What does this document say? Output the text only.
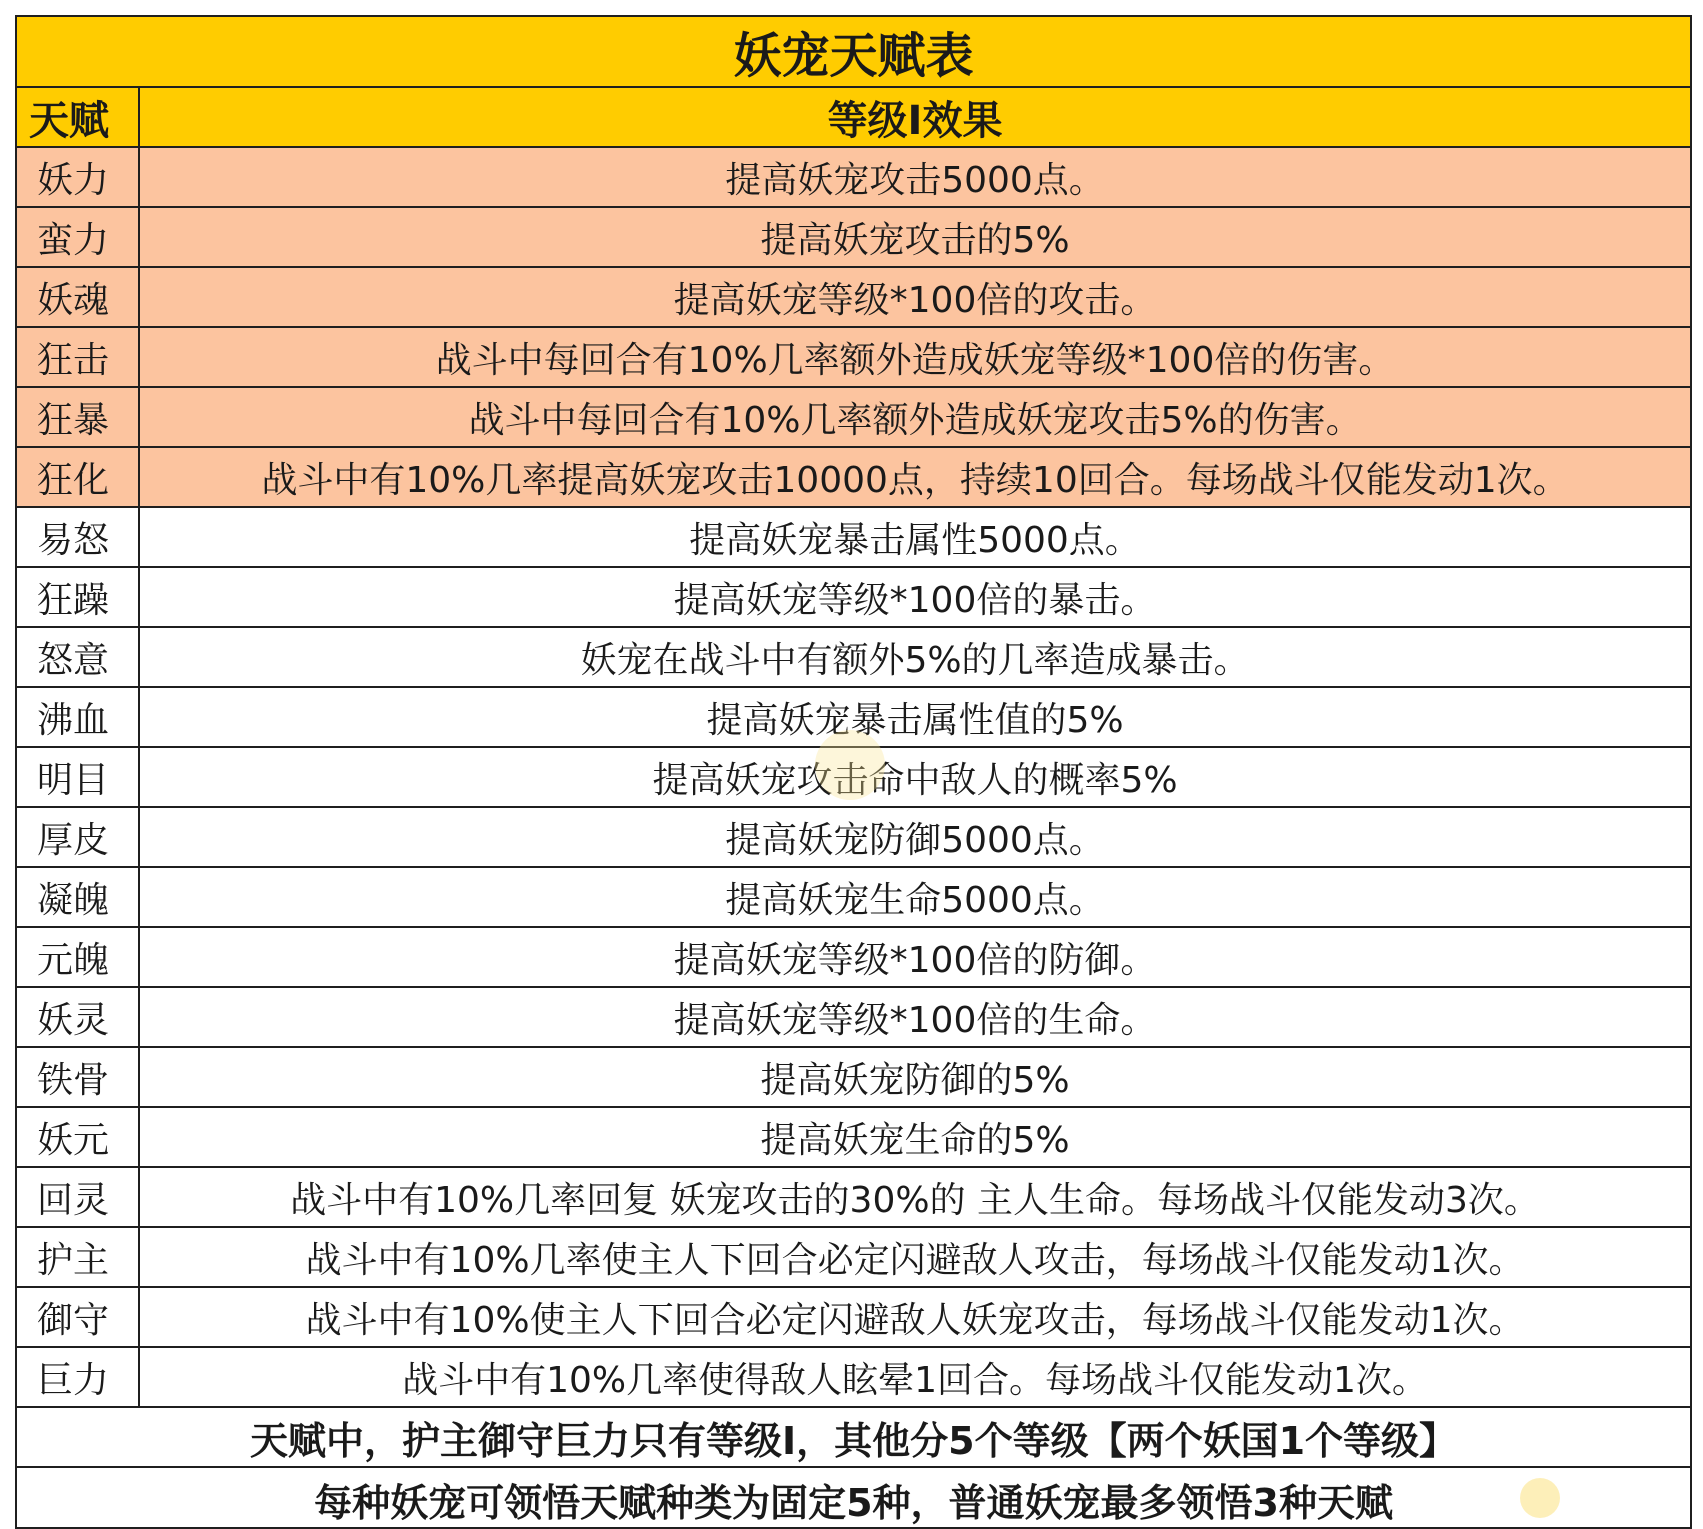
妖宠天赋表	
天赋	等级I效果
妖力	提高妖宠攻击5000点。
蛮力	提高妖宠攻击的5%
妖魂	提高妖宠等级*100倍的攻击。
狂击	战斗中每回合有10%几率额外造成妖宠等级*100倍的伤害。
狂暴	战斗中每回合有10%几率额外造成妖宠攻击5%的伤害。
狂化	战斗中有10%几率提高妖宠攻击10000点，持续10回合。每场战斗仅能发动1次。
易怒	提高妖宠暴击属性5000点。
狂躁	提高妖宠等级*100倍的暴击。
怒意	妖宠在战斗中有额外5%的几率造成暴击。
沸血	提高妖宠暴击属性值的5%
明目	提高妖宠攻击命中敌人的概率5%
厚皮	提高妖宠防御5000点。
凝魄	提高妖宠生命5000点。
元魄	提高妖宠等级*100倍的防御。
妖灵	提高妖宠等级*100倍的生命。
铁骨	提高妖宠防御的5%
妖元	提高妖宠生命的5%
回灵	战斗中有10%几率回复 妖宠攻击的30%的 主人生命。每场战斗仅能发动3次。
护主	战斗中有10%几率使主人下回合必定闪避敌人攻击，每场战斗仅能发动1次。
御守	战斗中有10%使主人下回合必定闪避敌人妖宠攻击，每场战斗仅能发动1次。
巨力	战斗中有10%几率使得敌人眩晕1回合。每场战斗仅能发动1次。
天赋中，护主御守巨力只有等级I，其他分5个等级【两个妖国1个等级】	
每种妖宠可领悟天赋种类为固定5种，普通妖宠最多领悟3种天赋	
